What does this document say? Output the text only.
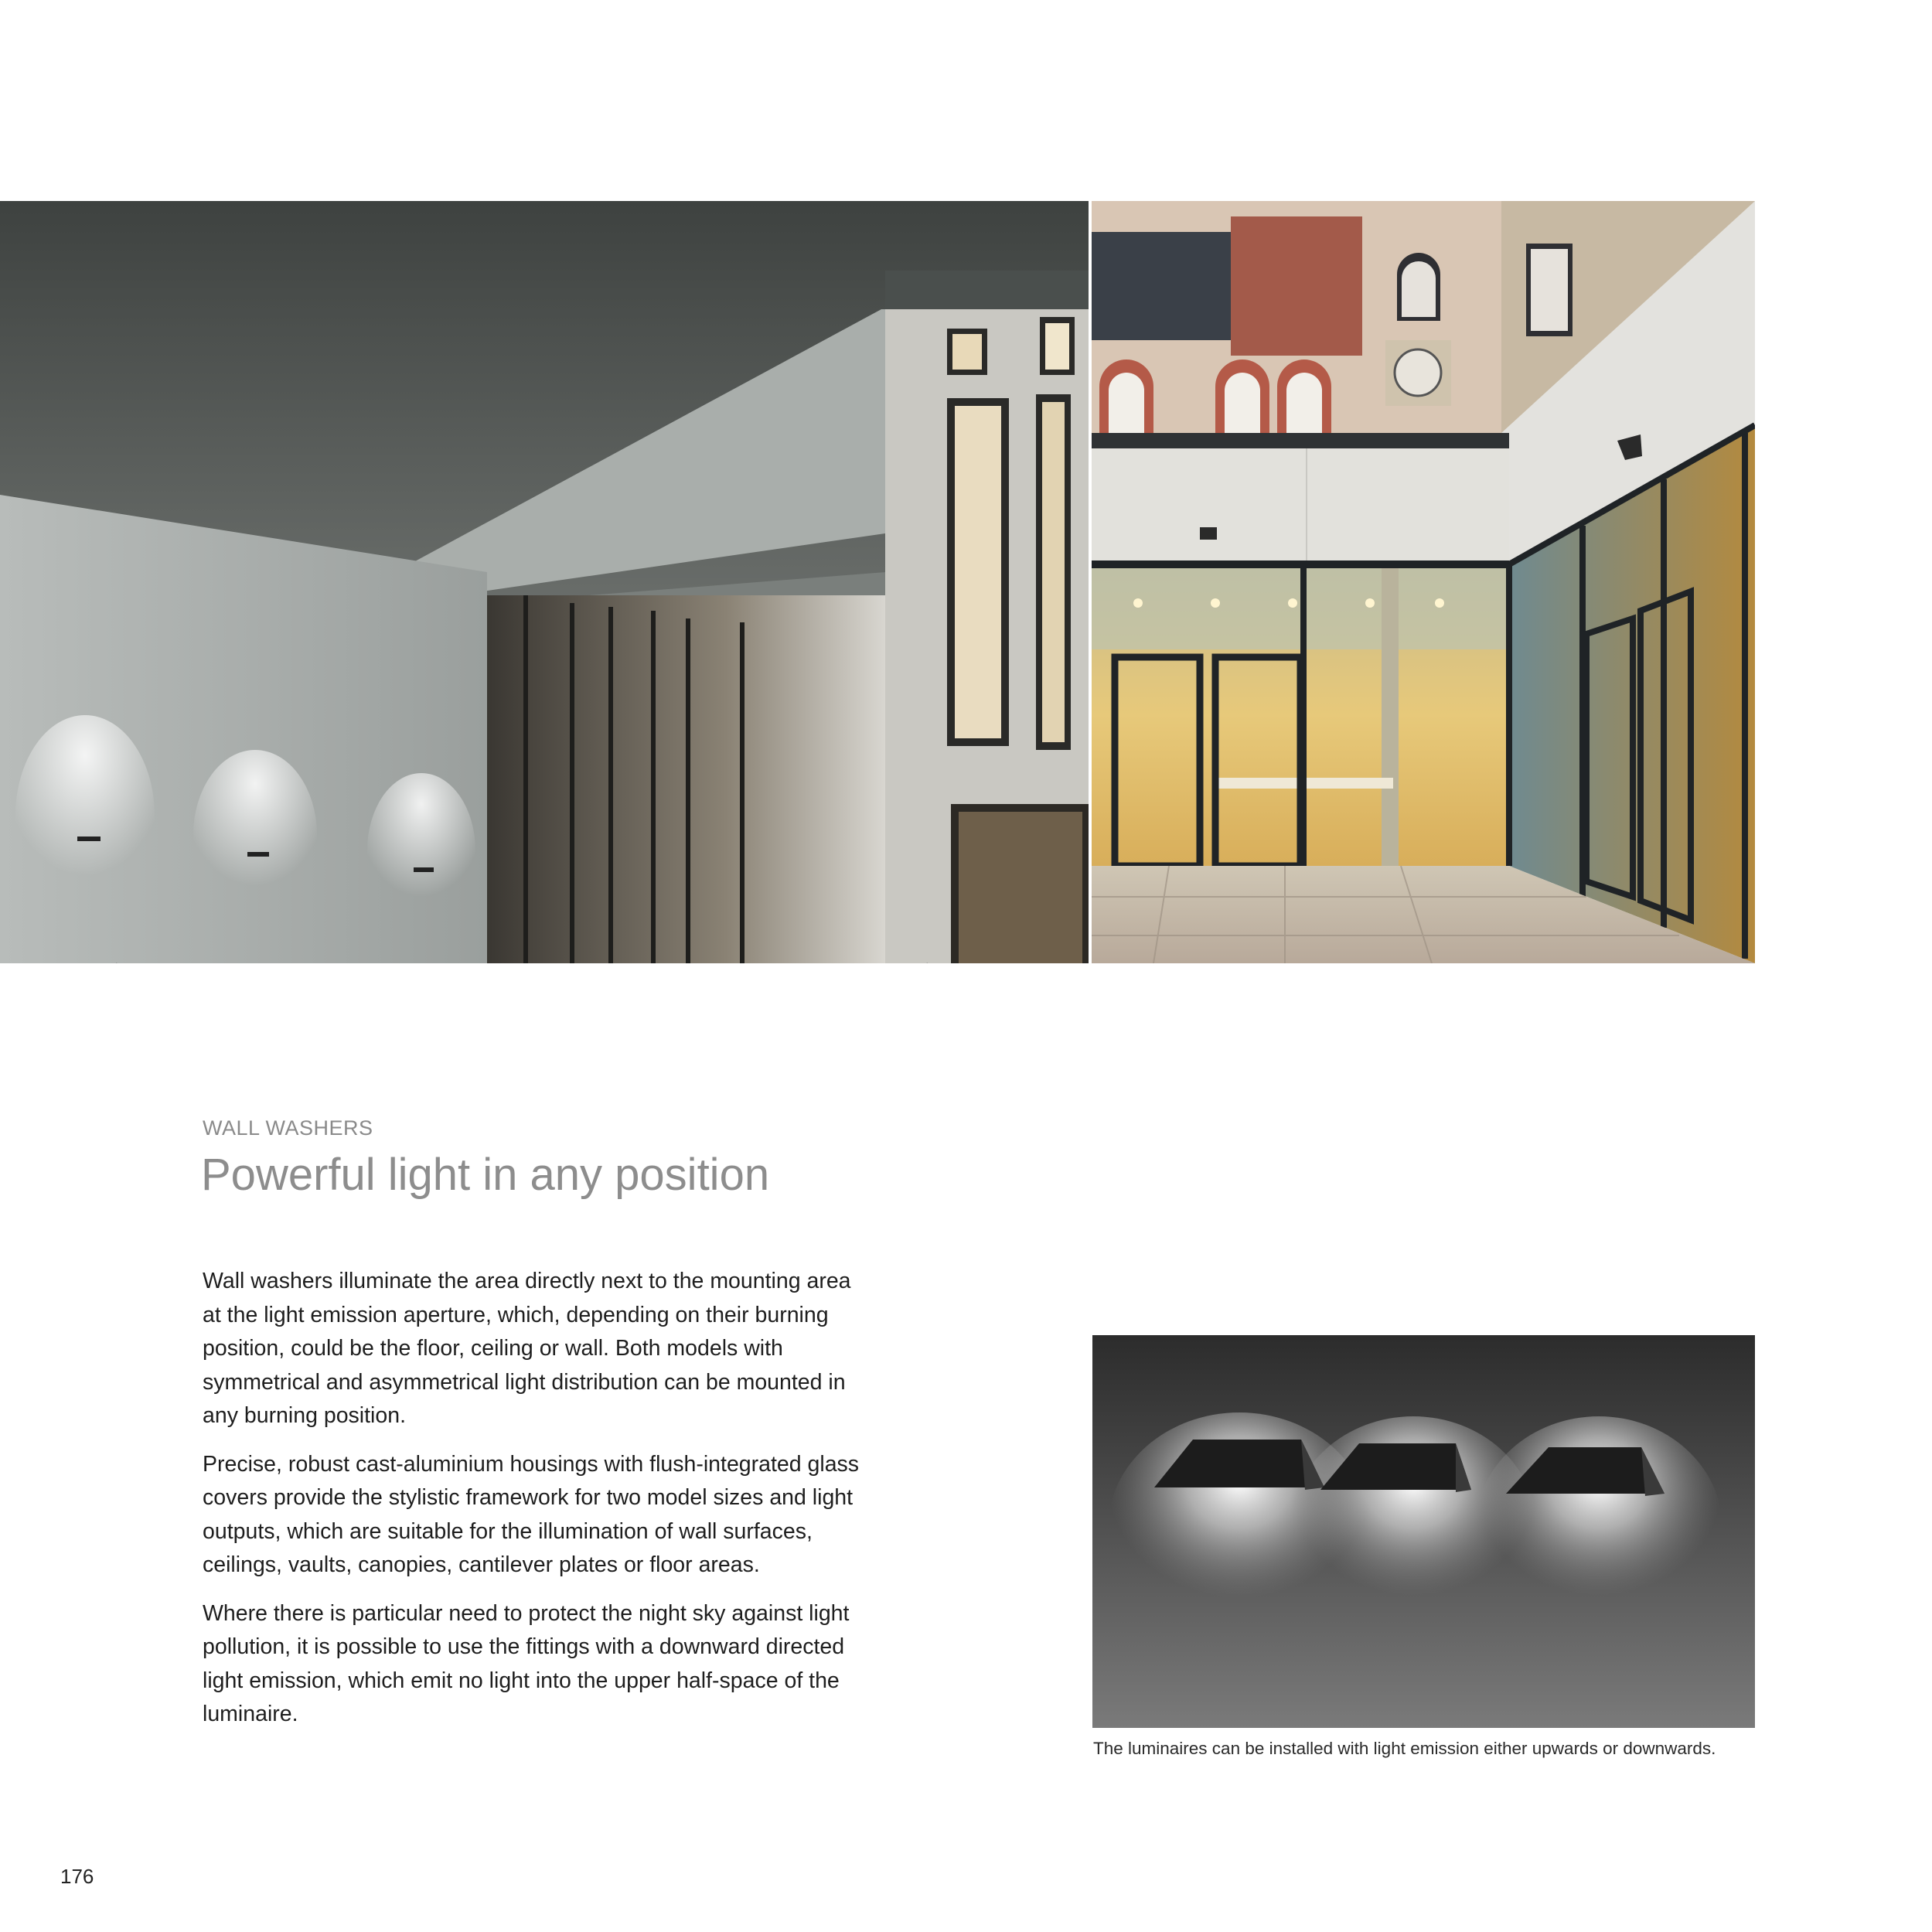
WALL WASHERS
Powerful light in any position

Wall washers illuminate the area directly next to the mounting area at the light emission aperture, which, depending on their burning position, could be the floor, ceiling or wall. Both models with symmetrical and asymmetrical light distribution can be mounted in any burning position.

Precise, robust cast-aluminium housings with flush-integrated glass covers provide the stylistic framework for two model sizes and light outputs, which are suitable for the illumination of wall surfaces, ceilings, vaults, canopies, cantilever plates or floor areas.

Where there is particular need to protect the night sky against light pollution, it is possible to use the fittings with a downward directed light emission, which emit no light into the upper half-space of the luminaire.

The luminaires can be installed with light emission either upwards or downwards.
176
